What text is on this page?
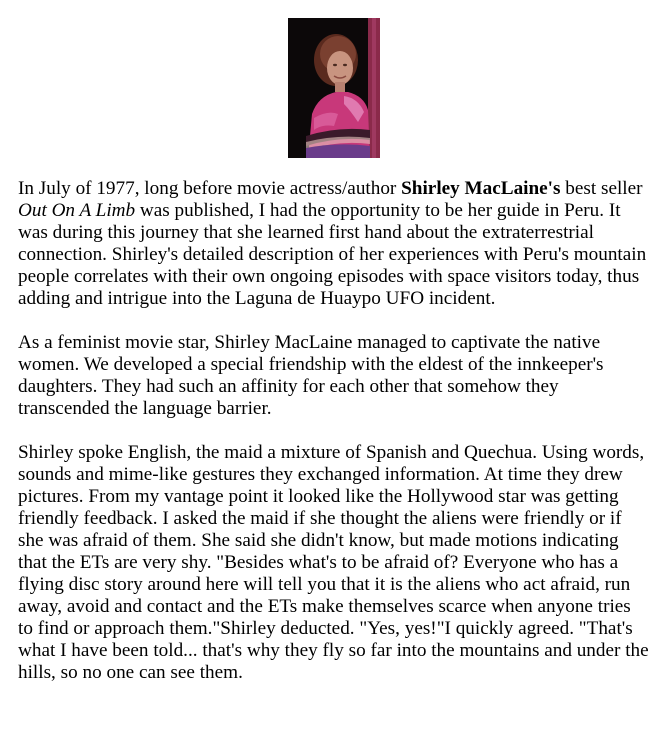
In July of 1977, long before movie actress/author Shirley MacLaine's best seller Out On A Limb was published, I had the opportunity to be her guide in Peru. It was during this journey that she learned first hand about the extraterrestrial connection. Shirley's detailed description of her experiences with Peru's mountain people correlates with their own ongoing episodes with space visitors today, thus adding and intrigue into the Laguna de Huaypo UFO incident.

As a feminist movie star, Shirley MacLaine managed to captivate the native women. We developed a special friendship with the eldest of the innkeeper's daughters. They had such an affinity for each other that somehow they transcended the language barrier.

Shirley spoke English, the maid a mixture of Spanish and Quechua. Using words, sounds and mime-like gestures they exchanged information. At time they drew pictures. From my vantage point it looked like the Hollywood star was getting friendly feedback. I asked the maid if she thought the aliens were friendly or if she was afraid of them. She said she didn't know, but made motions indicating that the ETs are very shy. "Besides what's to be afraid of? Everyone who has a flying disc story around here will tell you that it is the aliens who act afraid, run away, avoid and contact and the ETs make themselves scarce when anyone tries to find or approach them."Shirley deducted. "Yes, yes!"I quickly agreed. "That's what I have been told... that's why they fly so far into the mountains and under the hills, so no one can see them.
